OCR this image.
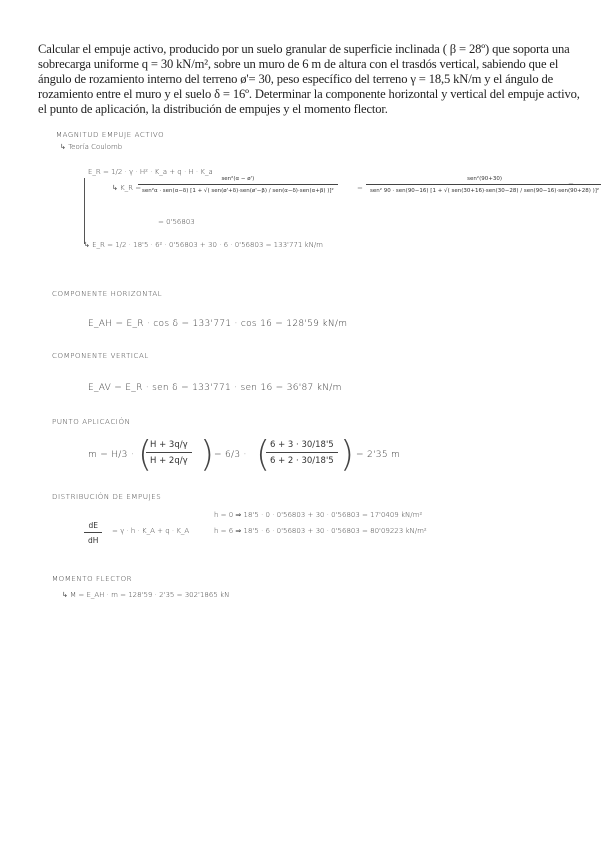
Calcular el empuje activo, producido por un suelo granular de superficie inclinada ( β = 28º) que soporta una sobrecarga uniforme q = 30 kN/m², sobre un muro de 6 m de altura con el trasdós vertical, sabiendo que el ángulo de rozamiento interno del terreno ø'= 30, peso específico del terreno γ = 18,5 kN/m y el ángulo de rozamiento entre el muro y el suelo δ = 16º. Determinar la componente horizontal y vertical del empuje activo, el punto de aplicación, la distribución de empujes y el momento flector.
MAGNITUD EMPUJE ACTIVO
↳ Teoría Coulomb
E_R = 1/2 · γ · H² · K_a + q · H · K_a
↳ K_R =
sen²(α − ø')
sen²α · sen(α−δ) [1 + √( sen(ø'+δ)·sen(ø'−β) / sen(α−δ)·sen(α+β) )]²	=
sen²(90+30)
sen² 90 · sen(90−16) [1 + √( sen(30+16)·sen(30−28) / sen(90−16)·sen(90+28) )]²
=
= 0'56803
↳ E_R = 1/2 · 18'5 · 6² · 0'56803 + 30 · 6 · 0'56803 = 133'771 kN/m
COMPONENTE HORIZONTAL
E_AH = E_R · cos δ = 133'771 · cos 16 = 128'59 kN/m
COMPONENTE VERTICAL
E_AV = E_R · sen δ = 133'771 · sen 16 = 36'87 kN/m
PUNTO APLICACIÓN
m = H/3 · (
$\frac{H + 3q/\gamma}{H + 2q/\gamma}$ ) = 6/3 · (
$\frac{6 + 3 \cdot 30/18'5}{6 + 2 \cdot 30/18'5}$ ) = 2'35 m
DISTRIBUCIÓN DE EMPUJES
$\frac{dE}{dH} = \gamma \cdot h$ · K_A + q · K_A
h = 0 ⇒ 18'5 · 0 · 0'56803 + 30 · 0'56803 = 17'0409 kN/m²
h = 6 ⇒ 18'5 · 6 · 0'56803 + 30 · 0'56803 = 80'09223 kN/m²
MOMENTO FLECTOR
↳ M = E_AH · m = 128'59 · 2'35 = 302'1865 kN
